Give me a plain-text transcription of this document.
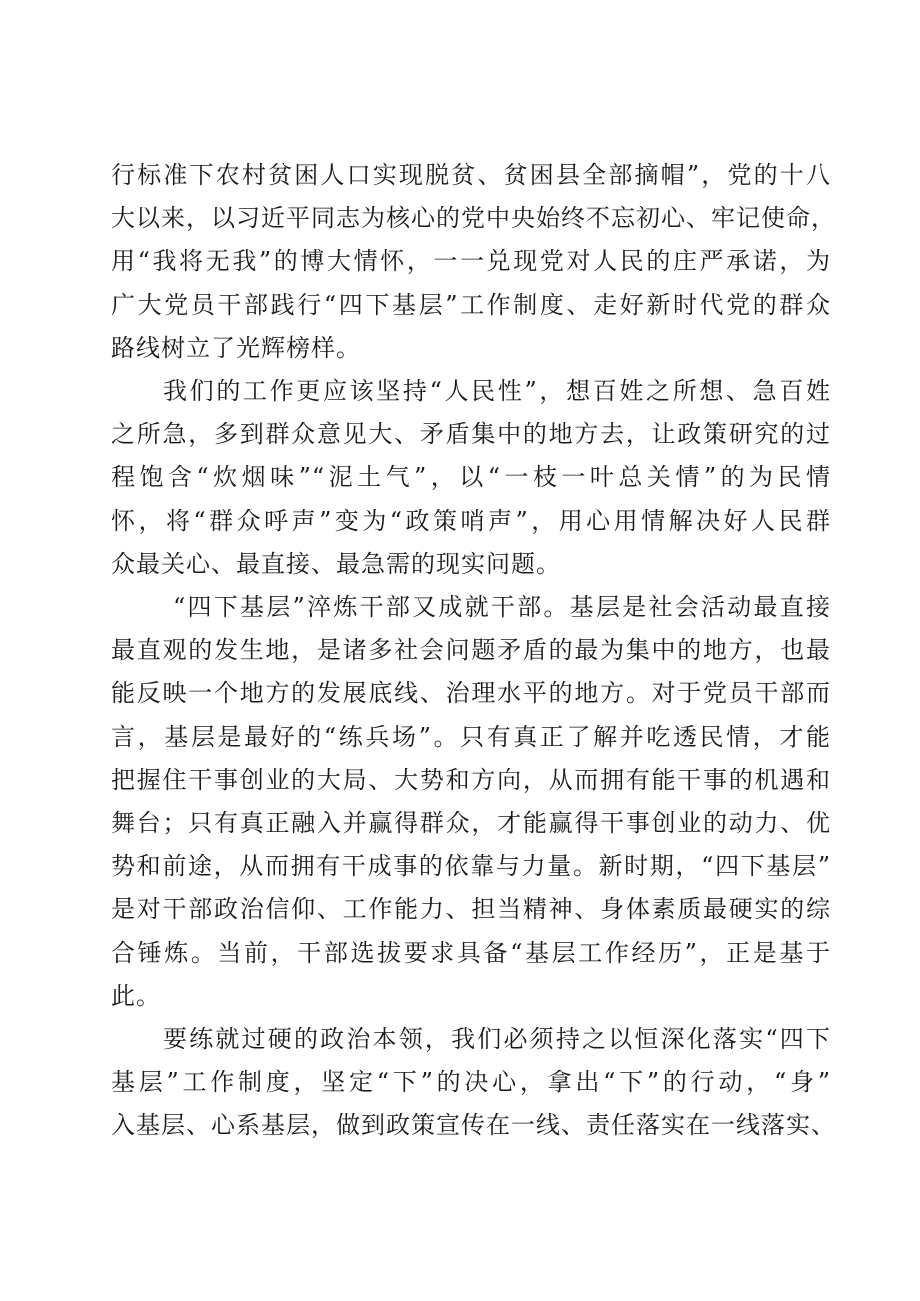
行标准下农村贫困人口实现脱贫、贫困县全部摘帽”，党的十八
大以来，以习近平同志为核心的党中央始终不忘初心、牢记使命，
用“我将无我”的博大情怀，一一兑现党对人民的庄严承诺，为
广大党员干部践行“四下基层”工作制度、走好新时代党的群众
路线树立了光辉榜样。

我们的工作更应该坚持“人民性”，想百姓之所想、急百姓
之所急，多到群众意见大、矛盾集中的地方去，让政策研究的过
程饱含“炊烟味”“泥土气”，以“一枝一叶总关情”的为民情
怀，将“群众呼声”变为“政策哨声”，用心用情解决好人民群
众最关心、最直接、最急需的现实问题。

“四下基层”淬炼干部又成就干部。基层是社会活动最直接
最直观的发生地，是诸多社会问题矛盾的最为集中的地方，也最
能反映一个地方的发展底线、治理水平的地方。对于党员干部而
言，基层是最好的“练兵场”。只有真正了解并吃透民情，才能
把握住干事创业的大局、大势和方向，从而拥有能干事的机遇和
舞台；只有真正融入并赢得群众，才能赢得干事创业的动力、优
势和前途，从而拥有干成事的依靠与力量。新时期，“四下基层”
是对干部政治信仰、工作能力、担当精神、身体素质最硬实的综
合锤炼。当前，干部选拔要求具备“基层工作经历”，正是基于
此。

要练就过硬的政治本领，我们必须持之以恒深化落实“四下
基层”工作制度，坚定“下”的决心，拿出“下”的行动，“身”
入基层、心系基层，做到政策宣传在一线、责任落实在一线落实、
